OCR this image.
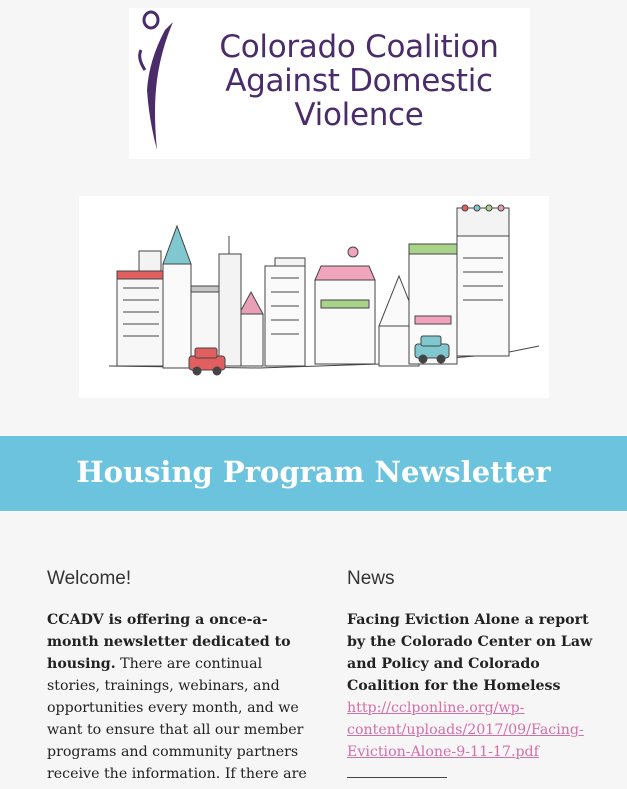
Colorado Coalition
Against Domestic
Violence
Housing Program Newsletter
Welcome!
CCADV is offering a once-a-month newsletter dedicated to housing. There are continual stories, trainings, webinars, and opportunities every month, and we want to ensure that all our member programs and community partners receive the information. If there are
News
Facing Eviction Alone a report by the Colorado Center on Law and Policy and Colorado Coalition for the Homeless
http://cclponline.org/wp-content/uploads/2017/09/Facing-Eviction-Alone-9-11-17.pdf
